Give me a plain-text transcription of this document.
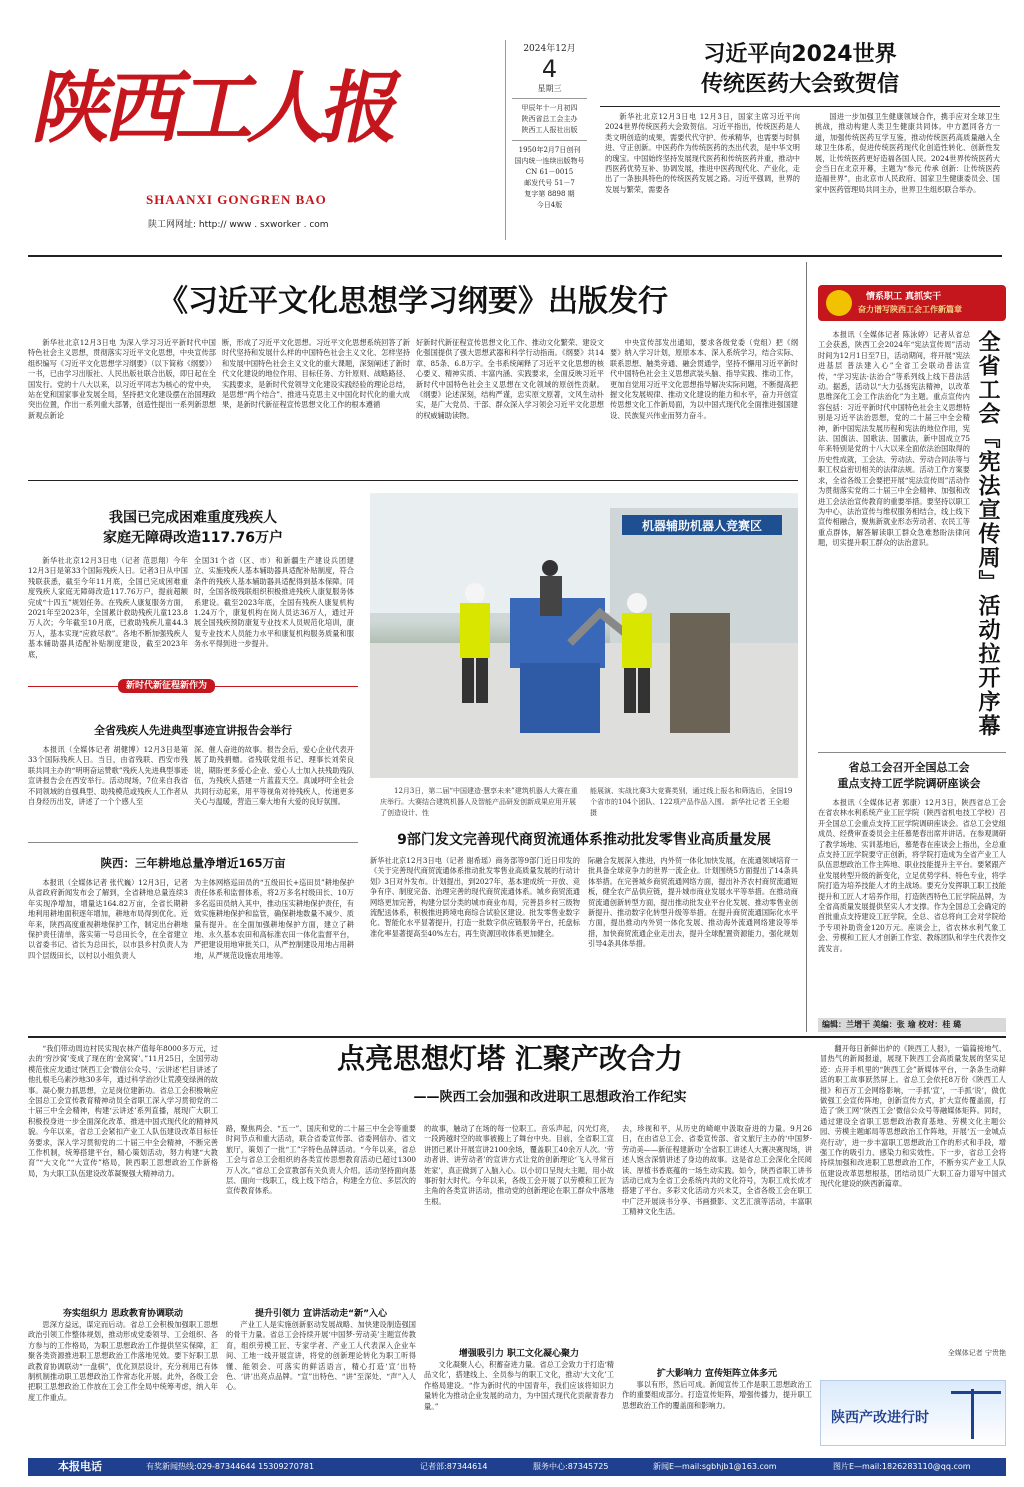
陕西工人报
SHAANXI GONGREN BAO
陕工网网址: http:// www . sxworker . com
2024年12月
4
星期三
甲辰年十一月初四
陕西省总工会主办
陕西工人报社出版
1950年2月7日创刊
国内统一连续出版物号
CN 61－0015
邮发代号 51－7
复字第 8898 期
今日4版
习近平向2024世界
传统医药大会致贺信
新华社北京12月3日电 12月3日，国家主席习近平向2024世界传统医药大会致贺信。习近平指出，传统医药是人类文明创造的成果，需要代代守护、传承精华，也需要与时俱进、守正创新。中医药作为传统医药的杰出代表，是中华文明的瑰宝。中国始终坚持发展现代医药和传统医药并重，推动中西医药优势互补、协调发展，推进中医药现代化、产业化，走出了一条独具特色的传统医药发展之路。习近平强调，世界的发展与繁荣，需要各
国进一步加强卫生健康领域合作，携手应对全球卫生挑战，推动构建人类卫生健康共同体。中方愿同各方一道，加强传统医药互学互鉴，推动传统医药高质量融入全球卫生体系，促进传统医药现代化创造性转化、创新性发展，让传统医药更好造福各国人民。2024世界传统医药大会当日在北京开幕，主题为“参元 传承 创新：让传统医药造福世界”，由北京市人民政府、国家卫生健康委员会、国家中医药管理局共同主办，世界卫生组织联合举办。
《习近平文化思想学习纲要》出版发行
新华社北京12月3日电 为深入学习习近平新时代中国特色社会主义思想，贯彻落实习近平文化思想，中央宣传部组织编写《习近平文化思想学习纲要》（以下简称《纲要》）一书，已由学习出版社、人民出版社联合出版，即日起在全国发行。党的十八大以来，以习近平同志为核心的党中央，站在党和国家事业发展全局，坚持把文化建设摆在治国理政突出位置，作出一系列重大部署，创造性提出一系列新思想新观点新论
断，形成了习近平文化思想。习近平文化思想系统回答了新时代坚持和发展什么样的中国特色社会主义文化、怎样坚持和发展中国特色社会主义文化的重大课题，深刻阐述了新时代文化建设的地位作用、目标任务、方针原则、战略路径、实践要求，是新时代党领导文化建设实践经验的理论总结，是思想“两个结合”、推进马克思主义中国化时代化的重大成果，是新时代新征程宣传思想文化工作的根本遵循
好新时代新征程宣传思想文化工作、推动文化繁荣、建设文化强国提供了强大思想武器和科学行动指南。《纲要》共14章、85条、6.8万字。全书系统阐释了习近平文化思想的核心要义、精神实质、丰富内涵、实践要求，全面反映习近平新时代中国特色社会主义思想在文化领域的原创性贡献。《纲要》论述深刻，结构严谨，忠实原文原著，文风生动朴实，是广大党员、干部、群众深入学习领会习近平文化思想的权威辅助读物。
中央宣传部发出通知，要求各级党委（党组）把《纲要》纳入学习计划，原原本本、深入系统学习，结合实际、联系思想、触类旁通、融会贯通学，坚持不懈用习近平新时代中国特色社会主义思想武装头脑、指导实践、推动工作，更加自觉用习近平文化思想指导解决实际问题，不断提高把握文化发展规律、推动文化建设的能力和水平，奋力开创宣传思想文化工作新局面，为以中国式现代化全面推进强国建设、民族复兴伟业而努力奋斗。
我国已完成困难重度残疾人
家庭无障碍改造117.76万户
新华社北京12月3日电（记者 范思翔）今年12月3日是第33个国际残疾人日。记者3日从中国残联获悉，截至今年11月底，全国已完成困难重度残疾人家庭无障碍改造117.76万户，提前超额完成“十四五”规划任务。在残疾人康复服务方面，2021年至2023年，全国累计救助残疾儿童123.8万人次；今年截至10月底，已救助残疾儿童44.3万人，基本实现“应救尽救”。各地不断加强残疾人基本辅助器具适配补贴制度建设，截至2023年底，
全国31个省（区、市）和新疆生产建设兵团建立、实施残疾人基本辅助器具适配补贴制度，符合条件的残疾人基本辅助器具适配得到基本保障。同时，全国各级残联组织积极推进残疾人康复服务体系建设。截至2023年底，全国有残疾人康复机构1.24万个，康复机构在岗人员达36万人，通过开展全国残疾预防康复专业技术人员规范化培训，康复专业技术人员能力水平和康复机构服务质量和服务水平得到进一步提升。
新时代新征程新作为
全省残疾人先进典型事迹宣讲报告会举行
本报讯（全媒体记者 胡健博）12月3日是第33个国际残疾人日。当日，由省残联、西安市残联共同主办的“明明奋运赞歌”残疾人先进典型事迹宣讲报告会在西安举行。活动现场，7位来自我省不同领域的自强典型、助残模范或残疾人工作者从自身经历出发，讲述了一个个感人至
深、催人奋进的故事。报告会后，爱心企业代表开展了助残捐赠。省残联党组书记、理事长刘荣良说，期盼更多爱心企业、爱心人士加入扶残助残队伍，为残疾人搭建一片蓝蓝天空。真诚呼吁全社会共同行动起来，用平等视角对待残疾人，传递更多关心与温暖，营造三秦大地有大爱的良好氛围。
陕西：三年耕地总量净增近165万亩
本报讯（全媒体记者 张代巍）12月3日，记者从省政府新闻发布会了解到，全省耕地总量连续3年实现净增加，增量达164.82万亩，全省长期耕地利用耕地面积逐年增加，耕地布局得到优化。近年来，陕西高度重视耕地保护工作，制定出台耕地保护责任清单，落实第一号总田长令，在全省建立以省委书记、省长为总田长，以市县乡村负责人为四个层级田长，以村以小组负责人
为主体网格巡田员的“五级田长+巡田员”耕地保护责任体系和监督体系，将2万多名村级田长、10万多名巡田员纳入其中，推动压实耕地保护责任，有效实施耕地保护和监管，确保耕地数量不减少、质量有提升。在全面加强耕地保护方面，建立了耕地、永久基本农田和高标准农田一体化监督平台，严把建设用地审批关口，从严控制建设用地占用耕地，从严规范设施农用地等。
机器辅助机器人竞赛区
12月3日，第二届“中国建造·慧享未来”建筑机器人大赛在重庆举行。大赛结合建筑机器人及智能产品研发创新成果应用开展了创造设计、性
能展演、实战比赛3大竞赛类别，通过线上报名和筛选后，全国19个省市的104个团队、122项产品作品入围。 新华社记者 王全超 摄
9部门发文完善现代商贸流通体系推动批发零售业高质量发展
新华社北京12月3日电（记者 谢希瑶）商务部等9部门近日印发的《关于完善现代商贸流通体系推动批发零售业高质量发展的行动计划》3日对外发布。计划提出，到2027年，基本建成统一开放、竞争有序、制度完备、治理完善的现代商贸流通体系。城乡商贸流通网络更加完善，构建分层分类的城市商业布局，完善县乡村三级物流配送体系，积极推进跨境电商综合试验区建设。批发零售业数字化、智能化水平显著提升，打造一批数字供应链服务平台，托盘标准化率显著提高至40%左右，再生资源回收体系更加健全。
际融合发展深入推进，内外贸一体化加快发展，在流通领域培育一批具备全球竞争力的世界一流企业。计划围绕5方面提出了14条具体举措。在完善城乡商贸流通网络方面，提出补齐农村商贸流通短板，健全农产品供应链，提升城市商业发展水平等举措。在推动商贸流通创新转型方面，提出推动批发业平台化发展、推动零售业创新提升、推动数字化转型升级等举措。在提升商贸流通国际化水平方面，提出推动内外贸一体化发展、推动海外流通网络建设等举措，加快商贸流通企业走出去，提升全球配置资源能力，强化规划引导4条具体举措。
情系职工 真抓实干
奋力谱写陕西工会工作新篇章
本报讯（全媒体记者 陈泳婷）记者从省总工会获悉，陕西工会2024年“宪法宣传周”活动时间为12月1日至7日，活动期间，将开展“宪法进基层 普法建入心”全省工会联动普法宣传，“学习宪法·法治合”等系列线上线下普法活动。据悉，活动以“大力弘扬宪法精神，以改革思维深化工会工作法治化”为主题。重点宣传内容包括：习近平新时代中国特色社会主义思想特别是习近平法治思想，党的二十届三中全会精神，新中国宪法发展历程和宪法的地位作用，宪法、国旗法、国歌法、国徽法，新中国成立75年来特别是党的十八大以来全面依法治国取得的历史性成就，工会法、劳动法、劳动合同法等与职工权益密切相关的法律法规。活动工作方案要求，全省各级工会要把开展“宪法宣传周”活动作为贯彻落实党的二十届三中全会精神、加强和改进工会法治宣传教育的重要举措。要坚持以职工为中心，法治宣传与维权服务相结合，线上线下宣传相融合，聚焦新就业形态劳动者、农民工等重点群体，解答解读职工群众急难愁盼法律问题，切实提升职工群众的法治意识。	全省工会『宪法宣传周』活动拉开序幕
省总工会召开全国总工会
重点支持工匠学院调研座谈会
本报讯（全媒体记者 郭康）12月3日，陕西省总工会在省农林水利系统产业工匠学院（陕西省机电技工学校）召开全国总工会重点支持工匠学院调研座谈会。省总工会党组成员、经费审查委员会主任慕楚春出席并讲话。在参观调研了教学场地、实训基地后，慕楚春在座谈会上指出，全总重点支持工匠学院要守正创新，将学院打造成为全省产业工人队伍思想政治工作主阵地、职业技能提升主平台。要紧跟产业发展转型升级的新变化，立足优势学科、特色专业，将学院打造为培养技能人才的主战场。要充分发挥职工职工技能提升和工匠人才培养作用，打造陕西特色工匠学院品牌，为全省高质量发展提供坚实人才支撑。作为全国总工会确定的首批重点支持建设工匠学院，全总、省总将向工会对学院给予专项补助资金120万元。座谈会上，省农林水利气象工会、劳模和工匠人才创新工作室、教练团队和学生代表作交流发言。
编辑：兰增干 美编：张 瑜 校对：桂 璐
点亮思想灯塔 汇聚产改合力
——陕西工会加强和改进职工思想政治工作纪实
“我们带动周边村民实现农林产值每年8000多万元，过去的‘穷沙窝’变成了现在的‘金窝窝’。”11月25日，全国劳动模范张应龙通过‘陕西工会’微信公众号、‘云讲述’栏目讲述了他扎根毛乌素沙地30多年，通过科学治沙让荒漠变绿洲的故事。凝心聚力抓思想，立足岗位建新功。省总工会积极响应全国总工会宣传教育精神动员全省职工深入学习贯彻党的二十届三中全会精神，构建‘云讲述’系列直播，展现广大职工积极投身进一步全面深化改革、推进中国式现代化的精神风貌。今年以来，省总工会紧扣产业工人队伍建设改革目标任务要求，深入学习贯彻党的二十届三中全会精神，不断完善工作机制，统筹搭建平台，精心策划活动，努力构建“大教育”“大文化”“大宣传”格局，陕西职工思想政治工作新格局，为大职工队伍建设改革凝聚强大精神动力。
夯实组织力 思政教育协调联动
思深方益远，谋定而后动。省总工会积极加强职工思想政治引领工作整体规划，推动形成党委领导、工会组织、各方参与的工作格局，为职工思想政治工作提供坚实保障，汇聚各类资源推进职工思想政治工作落地见效。要下好职工思政教育协调联动“一盘棋”，优化顶层设计，充分利用已有体制机制推动职工思想政治工作常态化开展。此外，各级工会把职工思想政治工作放在工会工作全局中统筹考虑，纳入年度工作重点。
路，聚焦两会、“五一”、国庆和党的二十届三中全会等重要时间节点和重大活动，联合省委宣传部、省委网信办、省文旅厅，策划了一批“工”字特色品牌活动。“今年以来，省总工会与省总工会组织的各类宣传思想教育活动已超过1300万人次。”省总工会宣教部有关负责人介绍。活动坚持面向基层、面向一线职工，线上线下结合，构建全方位、多层次的宣传教育体系。
提升引领力 宣讲活动走“新”入心
产业工人是实施创新驱动发展战略、加快建设制造强国的骨干力量。省总工会持续开展‘中国梦·劳动美’主题宣传教育，组织劳模工匠、专家学者、产业工人代表深入企业车间、工地一线开展宣讲，将党的创新理论转化为职工听得懂、能领会、可落实的鲜活语言，精心打造‘宣’出特色、‘讲’出亮点品牌。“宣”出特色、“讲”至深处、“声”入人心。
的故事，触动了在场的每一位职工。音乐声起，闪光灯亮，一段跨越时空的故事被搬上了舞台中央。目前，全省职工宣讲团已累计开展宣讲2100余场，覆盖职工40余万人次。‘劳动者讲、讲劳动者’的宣讲方式让党的创新理论‘飞入寻常百姓家’，真正做到了入脑入心。以小切口呈现大主题，用小故事折射大时代。今年以来，各级工会开展了以劳模和工匠为主角的各类宣讲活动，推动党的创新理论在职工群众中落地生根。
增强吸引力 职工文化凝心聚力
文化凝聚人心，积蓄奋进力量。省总工会致力于打造‘精品文化’，搭建线上、全员参与的职工文化，推动‘大文化’工作格局建设。“作为新时代的中国青年，我们应该将知识力量转化为推动企业发展的动力，为中国式现代化贡献青春力量。”
去，珍视和平，从历史的崎岖中汲取奋进的力量。9月26日，在由省总工会、省委宣传部、省文旅厅主办的‘中国梦·劳动美——新征程建新功’全省职工讲述人大赛决赛现场，讲述人饱含深情讲述了身边的故事。这是省总工会深化全民阅读、厚植书香底蕴的一场生动实践。如今，陕西省职工讲书活动已成为全省工会系统内共的文化符号，为职工成长成才搭建了平台。多彩文化活动方兴未艾，全省各级工会在职工中广泛开展读书分享、书画摄影、文艺汇演等活动，丰富职工精神文化生活。
扩大影响力 宣传矩阵立体多元
事以有形，然后可成。新闻宣传工作是职工思想政治工作的重要组成部分。打造宣传矩阵，增强传播力，提升职工思想政治工作的覆盖面和影响力。
翻开每日新鲜出炉的《陕西工人报》，一篇篇接地气、冒热气的新闻报道，展现下陕西工会高质量发展的坚实足迹：点开手机里的“陕西工会”新媒体平台，一条条生动鲜活的职工故事跃然屏上。省总工会依托8万份《陕西工人报》和百万工会网络影响，一手抓‘宣’，一手抓‘说’，做优做强工会宣传阵地，创新宣传方式，扩大宣传覆盖面，打造了‘陕工网’‘陕西工会’微信公众号等融媒体矩阵。同时，通过建设全省职工思想政治教育基地、劳模文化主题公园、劳模主题邮局等思想政治工作阵地，开展‘五一金城点亮行动’，进一步丰富职工思想政治工作的形式和手段，增强工作的吸引力、感染力和实效性。下一步，省总工会将持续加强和改进职工思想政治工作，不断夯实产业工人队伍建设改革思想根基，团结动员广大职工奋力谱写中国式现代化建设的陕西新篇章。
全媒体记者 宁贵艳
陕西产改进行时
本报电话	有奖新闻热线:029-87344644 15309270781	记者部:87344614	服务中心:87345725	新闻E—mail:sgbhjb1@163.com	图片E—mail:1826283110@qq.com
